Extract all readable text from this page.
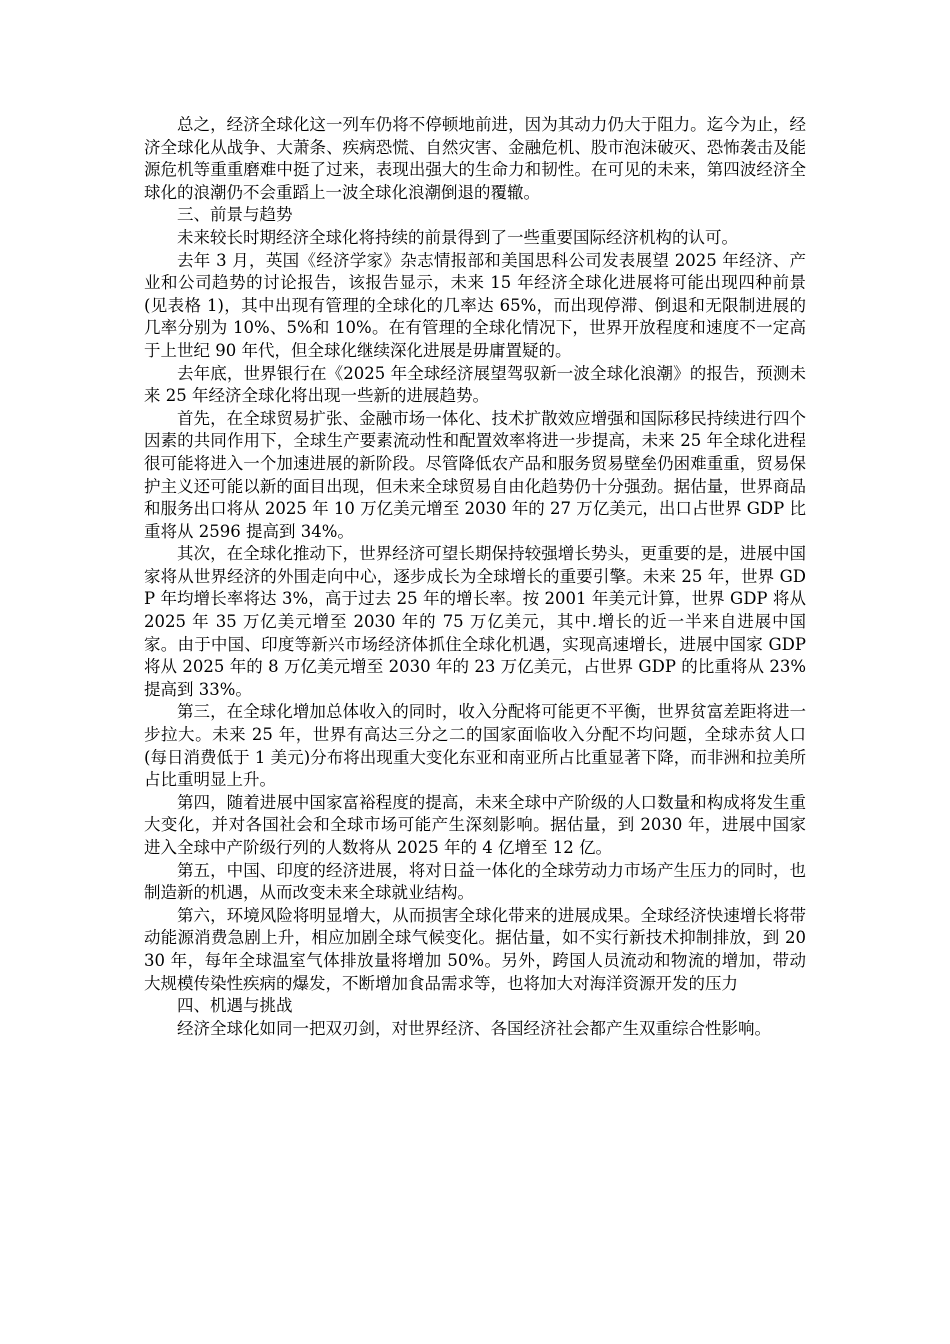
总之，经济全球化这一列车仍将不停顿地前进，因为其动力仍大于阻力。迄今为止，经济全球化从战争、大萧条、疾病恐慌、自然灾害、金融危机、股市泡沫破灭、恐怖袭击及能源危机等重重磨难中挺了过来，表现出强大的生命力和韧性。在可见的未来，第四波经济全球化的浪潮仍不会重蹈上一波全球化浪潮倒退的覆辙。

三、前景与趋势

未来较长时期经济全球化将持续的前景得到了一些重要国际经济机构的认可。

去年 3 月，英国《经济学家》杂志情报部和美国思科公司发表展望 2025 年经济、产业和公司趋势的讨论报告，该报告显示，未来 15 年经济全球化进展将可能出现四种前景(见表格 1)，其中出现有管理的全球化的几率达 65%，而出现停滞、倒退和无限制进展的几率分别为 10%、5%和 10%。在有管理的全球化情况下，世界开放程度和速度不一定高于上世纪 90 年代，但全球化继续深化进展是毋庸置疑的。

去年底，世界银行在《2025 年全球经济展望驾驭新一波全球化浪潮》的报告，预测未来 25 年经济全球化将出现一些新的进展趋势。

首先，在全球贸易扩张、金融市场一体化、技术扩散效应增强和国际移民持续进行四个因素的共同作用下，全球生产要素流动性和配置效率将进一步提高，未来 25 年全球化进程很可能将进入一个加速进展的新阶段。尽管降低农产品和服务贸易壁垒仍困难重重，贸易保护主义还可能以新的面目出现，但未来全球贸易自由化趋势仍十分强劲。据估量，世界商品和服务出口将从 2025 年 10 万亿美元增至 2030 年的 27 万亿美元，出口占世界 GDP 比重将从 2596 提高到 34%。

其次，在全球化推动下，世界经济可望长期保持较强增长势头，更重要的是，进展中国家将从世界经济的外围走向中心，逐步成长为全球增长的重要引擎。未来 25 年，世界 GDP 年均增长率将达 3%，高于过去 25 年的增长率。按 2001 年美元计算，世界 GDP 将从 2025 年 35 万亿美元增至 2030 年的 75 万亿美元，其中.增长的近一半来自进展中国家。由于中国、印度等新兴市场经济体抓住全球化机遇，实现高速增长，进展中国家 GDP 将从 2025 年的 8 万亿美元增至 2030 年的 23 万亿美元，占世界 GDP 的比重将从 23%提高到 33%。

第三，在全球化增加总体收入的同时，收入分配将可能更不平衡，世界贫富差距将进一步拉大。未来 25 年，世界有高达三分之二的国家面临收入分配不均问题，全球赤贫人口(每日消费低于 1 美元)分布将出现重大变化东亚和南亚所占比重显著下降，而非洲和拉美所占比重明显上升。

第四，随着进展中国家富裕程度的提高，未来全球中产阶级的人口数量和构成将发生重大变化，并对各国社会和全球市场可能产生深刻影响。据估量，到 2030 年，进展中国家进入全球中产阶级行列的人数将从 2025 年的 4 亿增至 12 亿。

第五，中国、印度的经济进展，将对日益一体化的全球劳动力市场产生压力的同时，也制造新的机遇，从而改变未来全球就业结构。

第六，环境风险将明显增大，从而损害全球化带来的进展成果。全球经济快速增长将带动能源消费急剧上升，相应加剧全球气候变化。据估量，如不实行新技术抑制排放，到 2030 年，每年全球温室气体排放量将增加 50%。另外，跨国人员流动和物流的增加，带动大规模传染性疾病的爆发，不断增加食品需求等，也将加大对海洋资源开发的压力

四、机遇与挑战

经济全球化如同一把双刃剑，对世界经济、各国经济社会都产生双重综合性影响。
